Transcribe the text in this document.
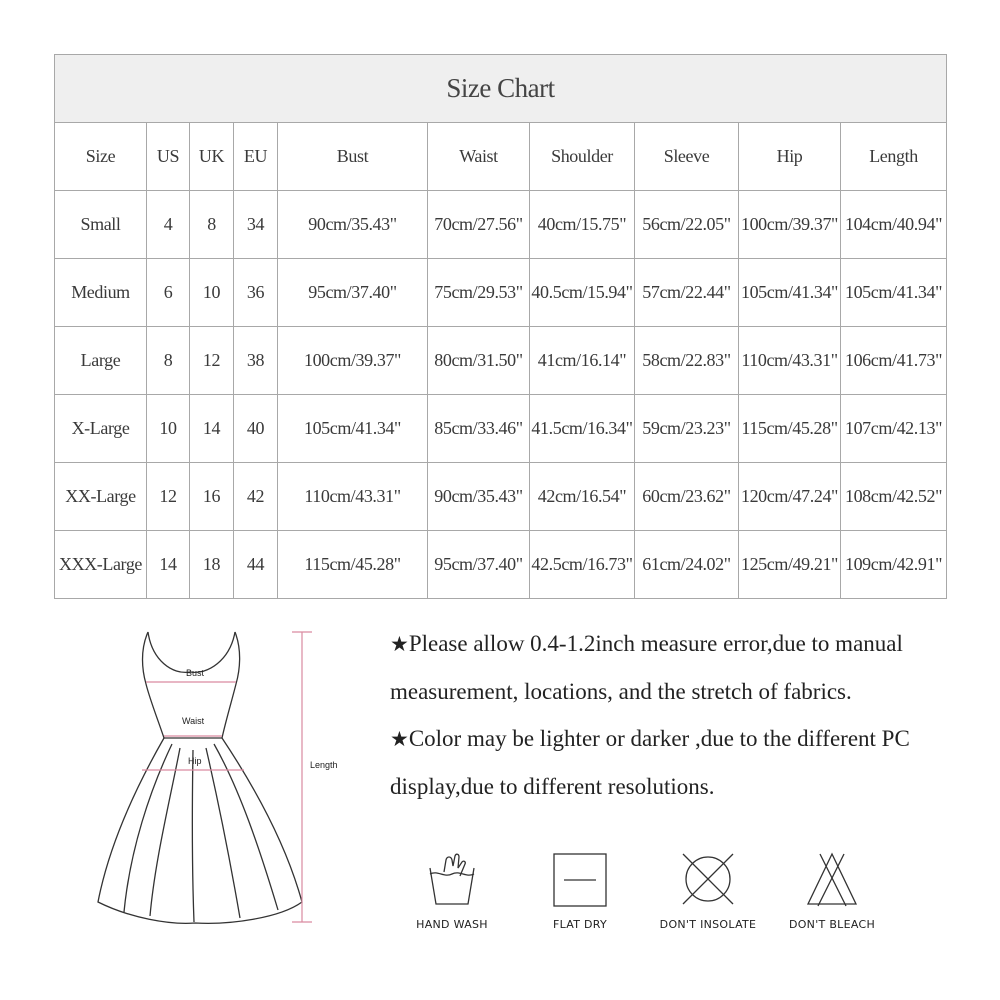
Size Chart									
Size	US	UK	EU	Bust	Waist	Shoulder	Sleeve	Hip	Length
Small	4	8	34	90cm/35.43"	70cm/27.56"	40cm/15.75"	56cm/22.05"	100cm/39.37"	104cm/40.94"
Medium	6	10	36	95cm/37.40"	75cm/29.53"	40.5cm/15.94"	57cm/22.44"	105cm/41.34"	105cm/41.34"
Large	8	12	38	100cm/39.37"	80cm/31.50"	41cm/16.14"	58cm/22.83"	110cm/43.31"	106cm/41.73"
X-Large	10	14	40	105cm/41.34"	85cm/33.46"	41.5cm/16.34"	59cm/23.23"	115cm/45.28"	107cm/42.13"
XX-Large	12	16	42	110cm/43.31"	90cm/35.43"	42cm/16.54"	60cm/23.62"	120cm/47.24"	108cm/42.52"
XXX-Large	14	18	44	115cm/45.28"	95cm/37.40"	42.5cm/16.73"	61cm/24.02"	125cm/49.21"	109cm/42.91"
Bust
Waist
Hip	Length

★Please allow 0.4-1.2inch measure error,due to manual measurement, locations, and the stretch of fabrics.

★Color may be lighter or darker ,due to the different PC display,due to different resolutions.

HAND WASH	FLAT DRY	DON'T INSOLATE	DON'T BLEACH
